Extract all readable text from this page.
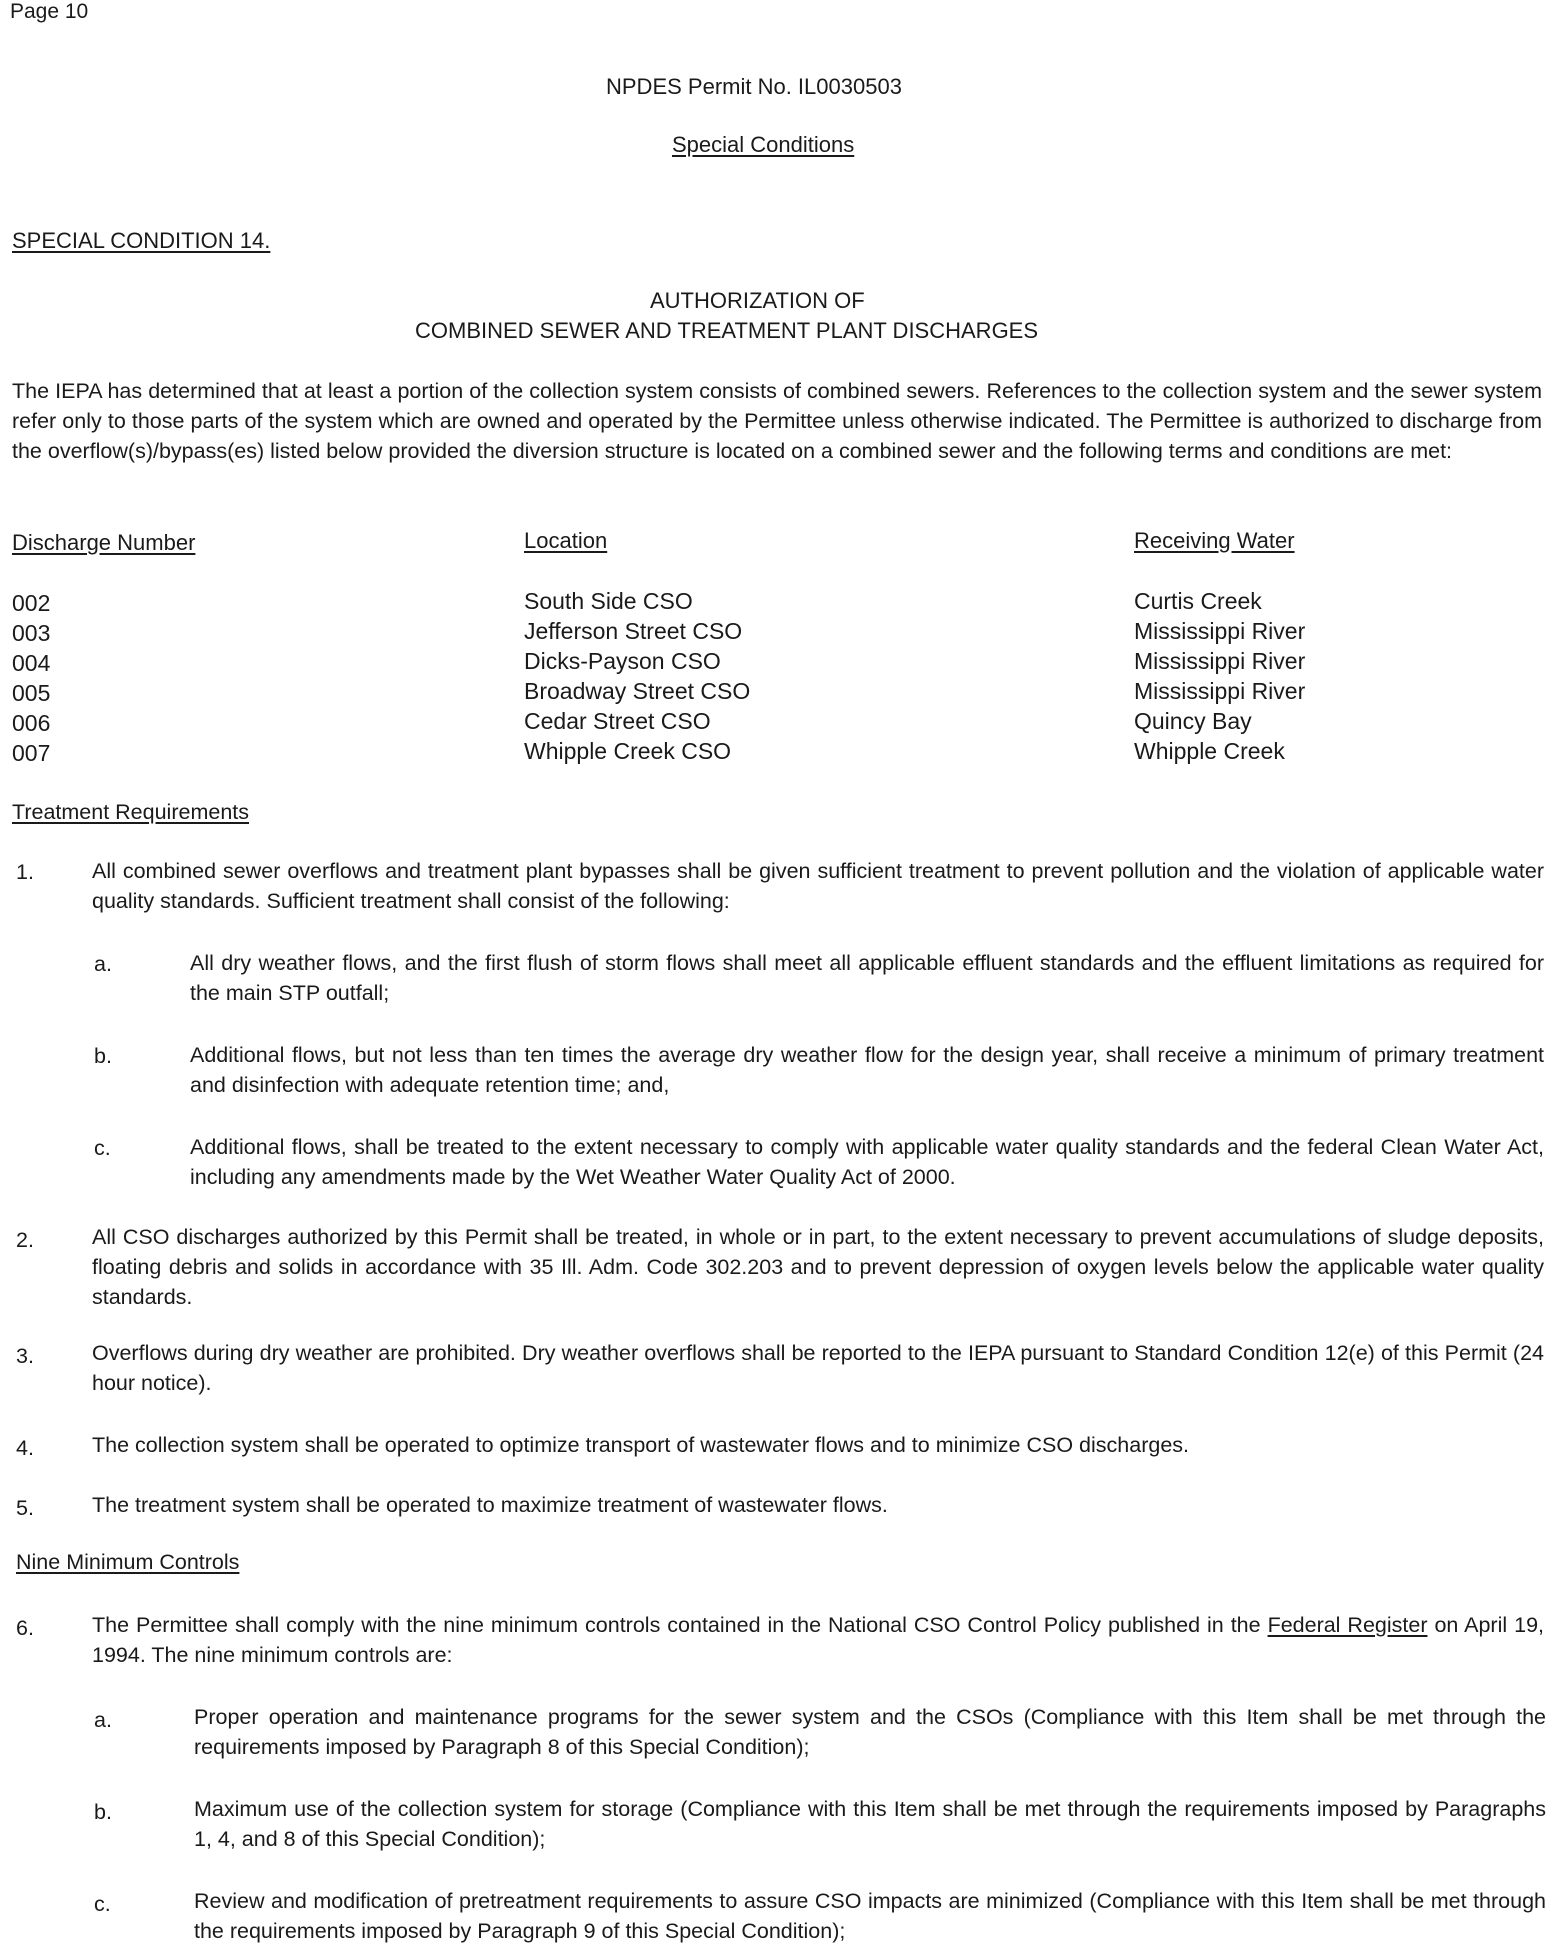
Page 10
NPDES Permit No. IL0030503
Special Conditions
SPECIAL CONDITION 14.
AUTHORIZATION OF
COMBINED SEWER AND TREATMENT PLANT DISCHARGES
The IEPA has determined that at least a portion of the collection system consists of combined sewers. References to the collection system and the sewer system refer only to those parts of the system which are owned and operated by the Permittee unless otherwise indicated. The Permittee is authorized to discharge from the overflow(s)/bypass(es) listed below provided the diversion structure is located on a combined sewer and the following terms and conditions are met:
Discharge Number	Location	Receiving Water
002	South Side CSO	Curtis Creek
003	Jefferson Street CSO	Mississippi River
004	Dicks-Payson CSO	Mississippi River
005	Broadway Street CSO	Mississippi River
006	Cedar Street CSO	Quincy Bay
007	Whipple Creek CSO	Whipple Creek
Treatment Requirements
1.	All combined sewer overflows and treatment plant bypasses shall be given sufficient treatment to prevent pollution and the violation of applicable water quality standards. Sufficient treatment shall consist of the following:
a.	All dry weather flows, and the first flush of storm flows shall meet all applicable effluent standards and the effluent limitations as required for the main STP outfall;
b.	Additional flows, but not less than ten times the average dry weather flow for the design year, shall receive a minimum of primary treatment and disinfection with adequate retention time; and,
c.	Additional flows, shall be treated to the extent necessary to comply with applicable water quality standards and the federal Clean Water Act, including any amendments made by the Wet Weather Water Quality Act of 2000.
2.	All CSO discharges authorized by this Permit shall be treated, in whole or in part, to the extent necessary to prevent accumulations of sludge deposits, floating debris and solids in accordance with 35 Ill. Adm. Code 302.203 and to prevent depression of oxygen levels below the applicable water quality standards.
3.	Overflows during dry weather are prohibited. Dry weather overflows shall be reported to the IEPA pursuant to Standard Condition 12(e) of this Permit (24 hour notice).
4.	The collection system shall be operated to optimize transport of wastewater flows and to minimize CSO discharges.
5.	The treatment system shall be operated to maximize treatment of wastewater flows.
Nine Minimum Controls
6.	The Permittee shall comply with the nine minimum controls contained in the National CSO Control Policy published in the Federal Register on April 19, 1994. The nine minimum controls are:
a.	Proper operation and maintenance programs for the sewer system and the CSOs (Compliance with this Item shall be met through the requirements imposed by Paragraph 8 of this Special Condition);
b.	Maximum use of the collection system for storage (Compliance with this Item shall be met through the requirements imposed by Paragraphs 1, 4, and 8 of this Special Condition);
c.	Review and modification of pretreatment requirements to assure CSO impacts are minimized (Compliance with this Item shall be met through the requirements imposed by Paragraph 9 of this Special Condition);
